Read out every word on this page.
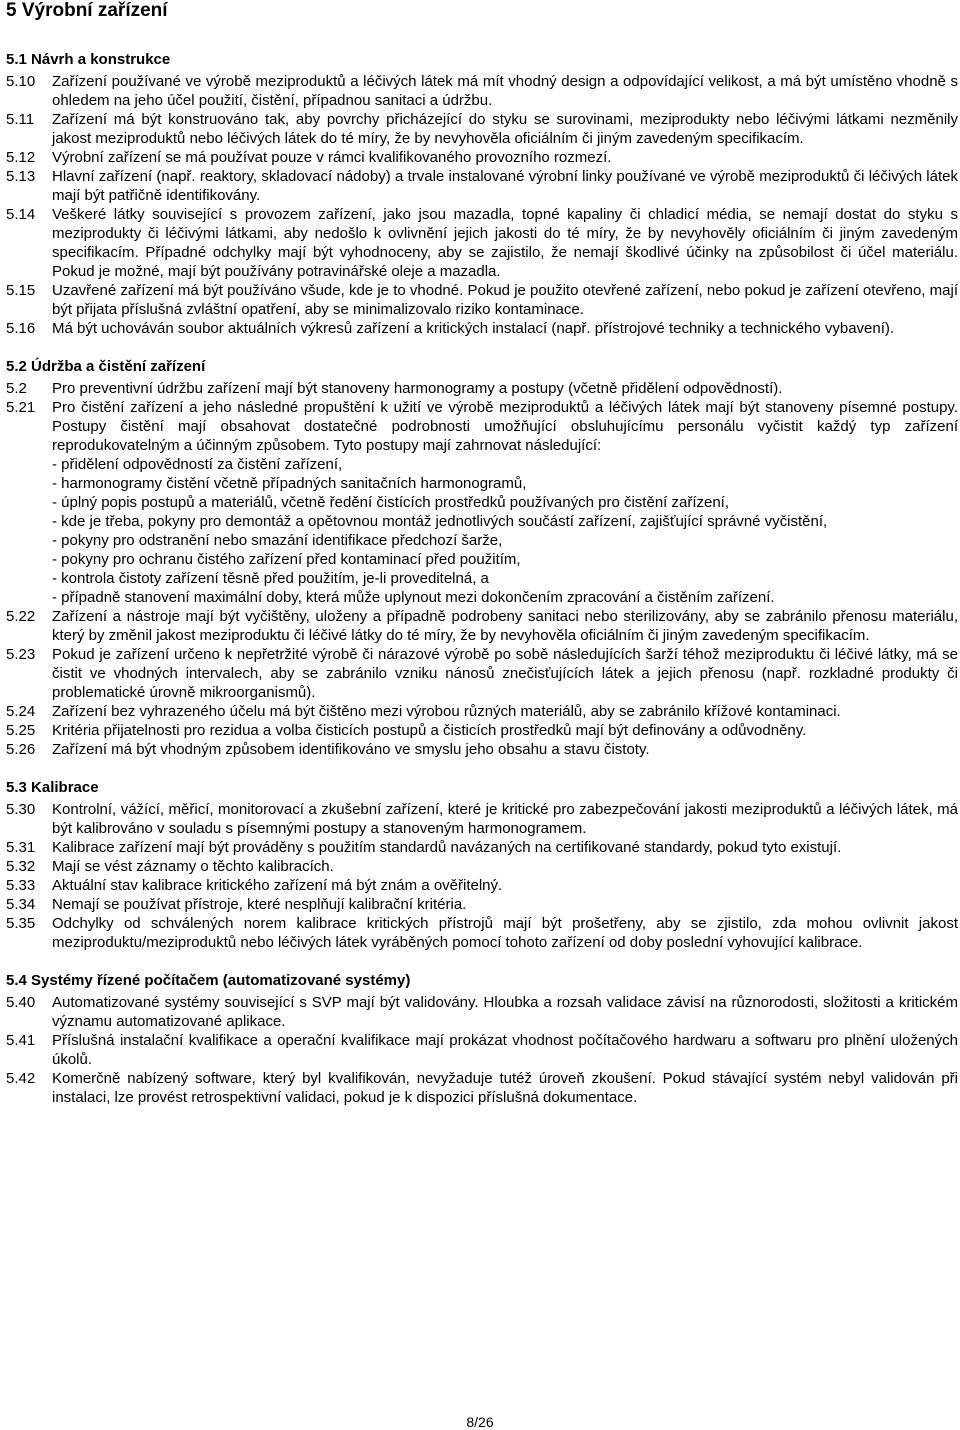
5 Výrobní zařízení
5.1 Návrh a konstrukce
5.10	Zařízení používané ve výrobě meziproduktů a léčivých látek má mít vhodný design a odpovídající velikost, a má být umístěno vhodně s ohledem na jeho účel použití, čistění, případnou sanitaci a údržbu.
5.11	Zařízení má být konstruováno tak, aby povrchy přicházející do styku se surovinami, meziprodukty nebo léčivými látkami nezměnily jakost meziproduktů nebo léčivých látek do té míry, že by nevyhověla oficiálním či jiným zavedeným specifikacím.
5.12	Výrobní zařízení se má používat pouze v rámci kvalifikovaného provozního rozmezí.
5.13	Hlavní zařízení (např. reaktory, skladovací nádoby) a trvale instalované výrobní linky používané ve výrobě meziproduktů či léčivých látek mají být patřičně identifikovány.
5.14	Veškeré látky související s provozem zařízení, jako jsou mazadla, topné kapaliny či chladicí média, se nemají dostat do styku s meziprodukty či léčivými látkami, aby nedošlo k ovlivnění jejich jakosti do té míry, že by nevyhověly oficiálním či jiným zavedeným specifikacím. Případné odchylky mají být vyhodnoceny, aby se zajistilo, že nemají škodlivé účinky na způsobilost či účel materiálu. Pokud je možné, mají být používány potravinářské oleje a mazadla.
5.15	Uzavřené zařízení má být používáno všude, kde je to vhodné. Pokud je použito otevřené zařízení, nebo pokud je zařízení otevřeno, mají být přijata příslušná zvláštní opatření, aby se minimalizovalo riziko kontaminace.
5.16	Má být uchováván soubor aktuálních výkresů zařízení a kritických instalací (např. přístrojové techniky a technického vybavení).
5.2 Údržba a čistění zařízení
5.2	Pro preventivní údržbu zařízení mají být stanoveny harmonogramy a postupy (včetně přidělení odpovědností).
5.21	Pro čistění zařízení a jeho následné propuštění k užití ve výrobě meziproduktů a léčivých látek mají být stanoveny písemné postupy. Postupy čistění mají obsahovat dostatečné podrobnosti umožňující obsluhujícímu personálu vyčistit každý typ zařízení reprodukovatelným a účinným způsobem. Tyto postupy mají zahrnovat následující:
- přidělení odpovědností za čistění zařízení,
- harmonogramy čistění včetně případných sanitačních harmonogramů,
- úplný popis postupů a materiálů, včetně ředění čistících prostředků používaných pro čistění zařízení,
- kde je třeba, pokyny pro demontáž a opětovnou montáž jednotlivých součástí zařízení, zajišťující správné vyčistění,
- pokyny pro odstranění nebo smazání identifikace předchozí šarže,
- pokyny pro ochranu čistého zařízení před kontaminací před použitím,
- kontrola čistoty zařízení těsně před použitím, je-li proveditelná, a
- případně stanovení maximální doby, která může uplynout mezi dokončením zpracování a čistěním zařízení.
5.22	Zařízení a nástroje mají být vyčištěny, uloženy a případně podrobeny sanitaci nebo sterilizovány, aby se zabránilo přenosu materiálu, který by změnil jakost meziproduktu či léčivé látky do té míry, že by nevyhověla oficiálním či jiným zavedeným specifikacím.
5.23	Pokud je zařízení určeno k nepřetržité výrobě či nárazové výrobě po sobě následujících šarží téhož meziproduktu či léčivé látky, má se čistit ve vhodných intervalech, aby se zabránilo vzniku nánosů znečisťujících látek a jejich přenosu (např. rozkladné produkty či problematické úrovně mikroorganismů).
5.24	Zařízení bez vyhrazeného účelu má být čištěno mezi výrobou různých materiálů, aby se zabránilo křížové kontaminaci.
5.25	Kritéria přijatelnosti pro rezidua a volba čisticích postupů a čisticích prostředků mají být definovány a odůvodněny.
5.26	Zařízení má být vhodným způsobem identifikováno ve smyslu jeho obsahu a stavu čistoty.
5.3 Kalibrace
5.30	Kontrolní, vážící, měřicí, monitorovací a zkušební zařízení, které je kritické pro zabezpečování jakosti meziproduktů a léčivých látek, má být kalibrováno v souladu s písemnými postupy a stanoveným harmonogramem.
5.31	Kalibrace zařízení mají být prováděny s použitím standardů navázaných na certifikované standardy, pokud tyto existují.
5.32	Mají se vést záznamy o těchto kalibracích.
5.33	Aktuální stav kalibrace kritického zařízení má být znám a ověřitelný.
5.34	Nemají se používat přístroje, které nesplňují kalibrační kritéria.
5.35	Odchylky od schválených norem kalibrace kritických přístrojů mají být prošetřeny, aby se zjistilo, zda mohou ovlivnit jakost meziproduktu/meziproduktů nebo léčivých látek vyráběných pomocí tohoto zařízení od doby poslední vyhovující kalibrace.
5.4 Systémy řízené počítačem (automatizované systémy)
5.40	Automatizované systémy související s SVP mají být validovány. Hloubka a rozsah validace závisí na různorodosti, složitosti a kritickém významu automatizované aplikace.
5.41	Příslušná instalační kvalifikace a operační kvalifikace mají prokázat vhodnost počítačového hardwaru a softwaru pro plnění uložených úkolů.
5.42	Komerčně nabízený software, který byl kvalifikován, nevyžaduje tutéž úroveň zkoušení. Pokud stávající systém nebyl validován při instalaci, lze provést retrospektivní validaci, pokud je k dispozici příslušná dokumentace.
8/26
